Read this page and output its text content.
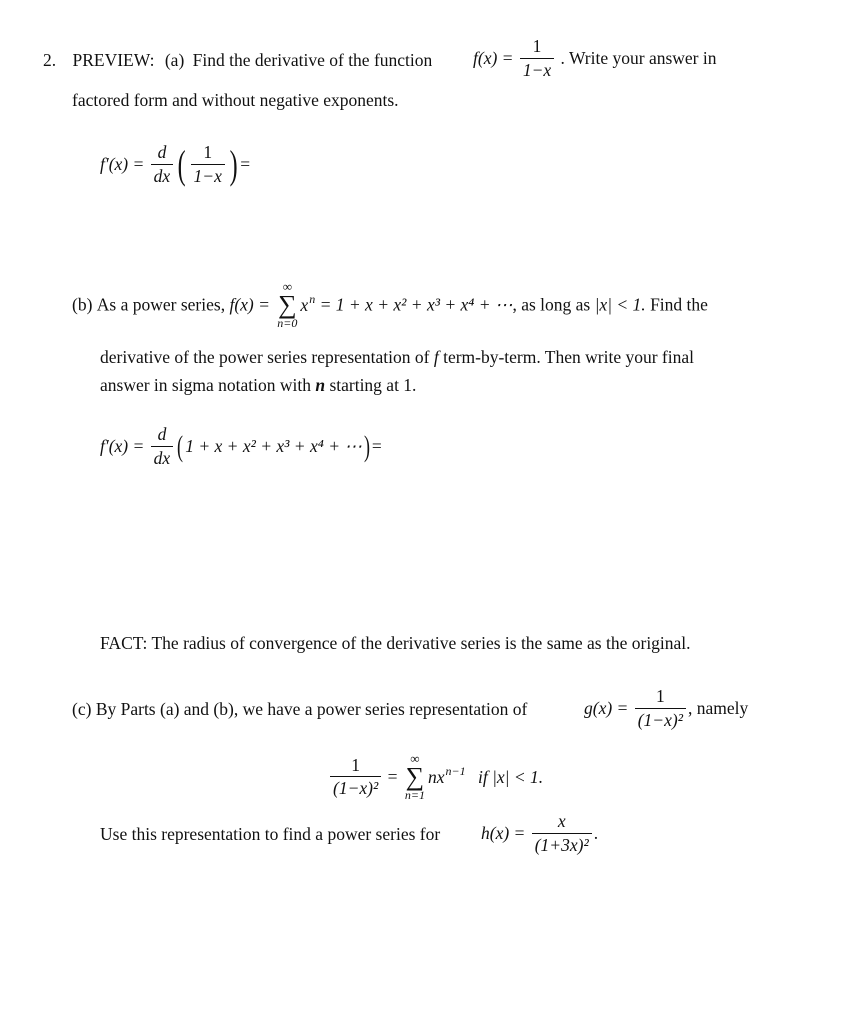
2. PREVIEW: (a) Find the derivative of the function $f(x) = \frac{1}{1-x}$ . Write your answer in
factored form and without negative exponents.
$f'(x) = \frac{d}{dx}$ ( $\frac{1}{1-x}$ ) =
(b) As a power series, f(x) =
∞
∑
n=0
$x^n = 1 + x + x^2 + x^3 + x^4$ + ⋯, as long as |x| < 1. Find the
derivative of the power series representation of f term-by-term. Then write your final
answer in sigma notation with n starting at 1.
$f'(x) = \frac{d}{dx}$ ( 1 + x + x² + x³ + x⁴ + ⋯) =
FACT: The radius of convergence of the derivative series is the same as the original.
(c) By Parts (a) and (b), we have a power series representation of	$g(x) = \frac{1}{\text{(1−x)²}}$ , namely
$\frac{1}{\text{(1−x)²}}$ =
∞
∑
n=1
$nx^{n-1}$ if |x| < 1.
Use this representation to find a power series for $h(x) = \frac{x}{\text{(1+3x)²}}$ .
